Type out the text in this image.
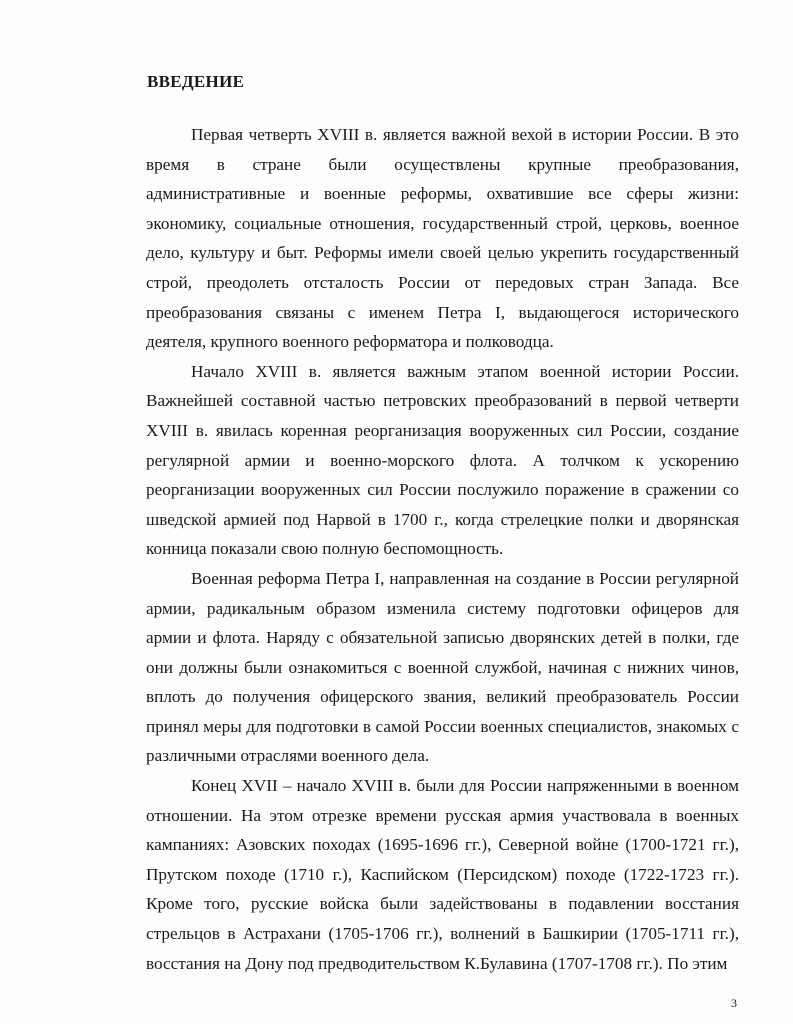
ВВЕДЕНИЕ

Первая четверть XVIII в. является важной вехой в истории России. В это время в стране были осуществлены крупные преобразования, административные и военные реформы, охватившие все сферы жизни: экономику, социальные отношения, государственный строй, церковь, военное дело, культуру и быт. Реформы имели своей целью укрепить государственный строй, преодолеть отсталость России от передовых стран Запада. Все преобразования связаны с именем Петра I, выдающегося исторического деятеля, крупного военного реформатора и полководца.

Начало XVIII в. является важным этапом военной истории России. Важнейшей составной частью петровских преобразований в первой четверти XVIII в. явилась коренная реорганизация вооруженных сил России, создание регулярной армии и военно-морского флота. А толчком к ускорению реорганизации вооруженных сил России послужило поражение в сражении со шведской армией под Нарвой в 1700 г., когда стрелецкие полки и дворянская конница показали свою полную беспомощность.

Военная реформа Петра I, направленная на создание в России регулярной армии, радикальным образом изменила систему подготовки офицеров для армии и флота. Наряду с обязательной записью дворянских детей в полки, где они должны были ознакомиться с военной службой, начиная с нижних чинов, вплоть до получения офицерского звания, великий преобразователь России принял меры для подготовки в самой России военных специалистов, знакомых с различными отраслями военного дела.

Конец XVII – начало XVIII в. были для России напряженными в военном отношении. На этом отрезке времени русская армия участвовала в военных кампаниях: Азовских походах (1695-1696 гг.), Северной войне (1700-1721 гг.), Прутском походе (1710 г.), Каспийском (Персидском) походе (1722-1723 гг.). Кроме того, русские войска были задействованы в подавлении восстания стрельцов в Астрахани (1705-1706 гг.), волнений в Башкирии (1705-1711 гг.), восстания на Дону под предводительством К.Булавина (1707-1708 гг.). По этим

3
